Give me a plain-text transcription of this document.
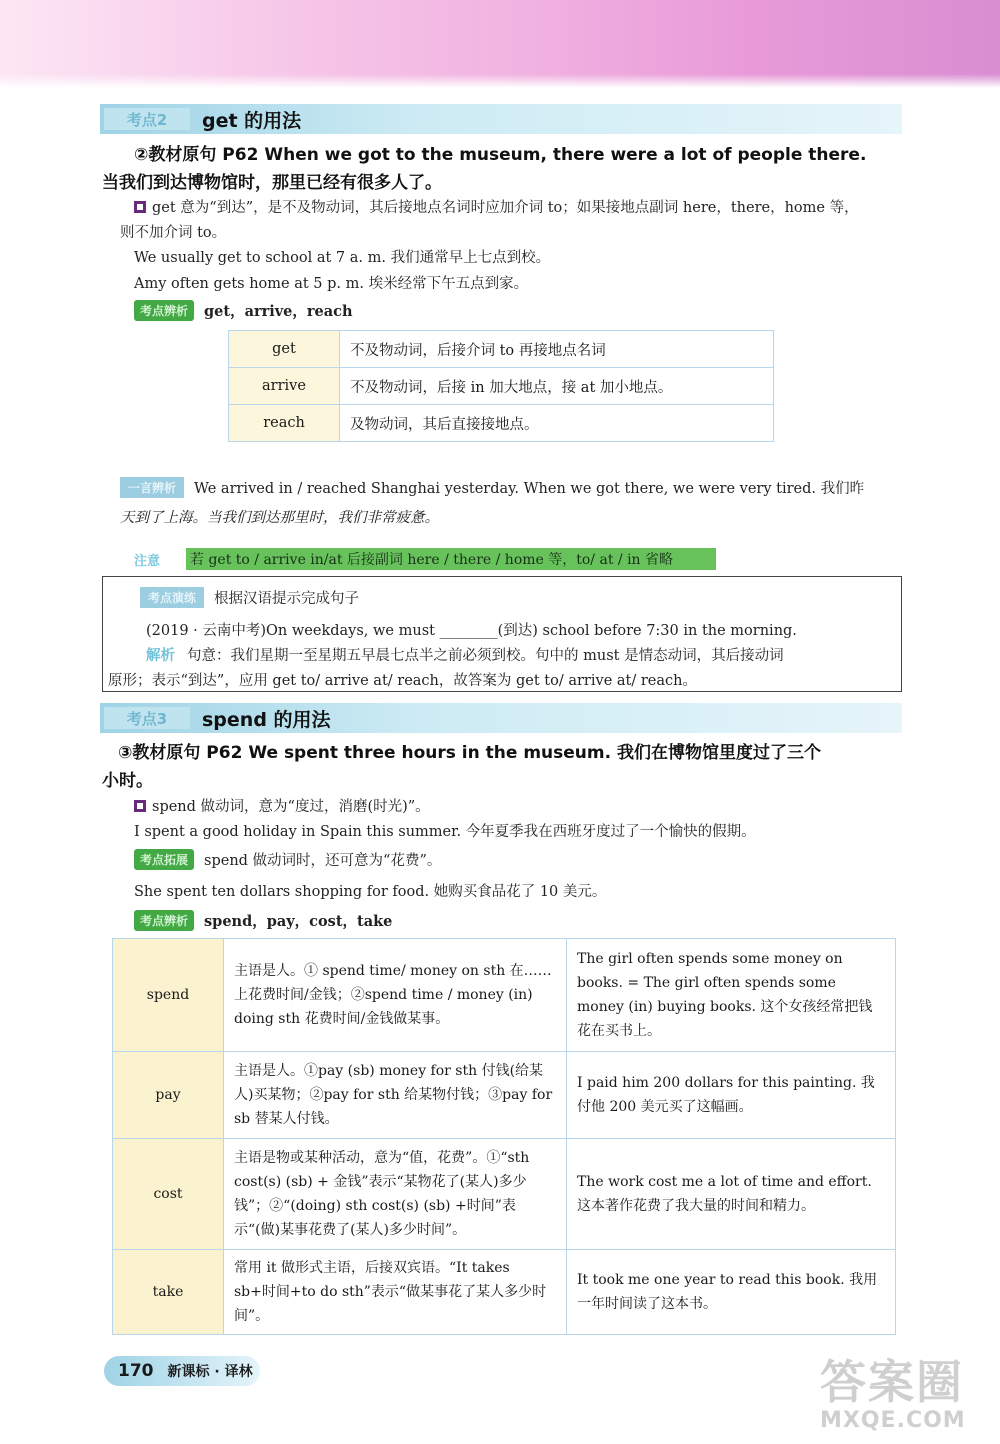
考点2	get 的用法
②教材原句 P62 When we got to the museum, there were a lot of people there.
当我们到达博物馆时，那里已经有很多人了。
get 意为“到达”，是不及物动词，其后接地点名词时应加介词 to；如果接地点副词 here，there，home 等，
则不加介词 to。
We usually get to school at 7 a. m. 我们通常早上七点到校。
Amy often gets home at 5 p. m. 埃米经常下午五点到家。
考点辨析 get，arrive，reach
get	不及物动词，后接介词 to 再接地点名词
arrive	不及物动词，后接 in 加大地点，接 at 加小地点。
reach	及物动词，其后直接接地点。
一言辨析 We arrived in / reached Shanghai yesterday. When we got there, we were very tired. 我们昨
天到了上海。当我们到达那里时，我们非常疲惫。
注意 若 get to / arrive in/at 后接副词 here / there / home 等，to/ at / in 省略
考点演练 根据汉语提示完成句子
(2019 · 云南中考)On weekdays, we must ________(到达) school before 7:30 in the morning.
解析 句意：我们星期一至星期五早晨七点半之前必须到校。句中的 must 是情态动词，其后接动词
原形；表示“到达”，应用 get to/ arrive at/ reach，故答案为 get to/ arrive at/ reach。
考点3	spend 的用法
③教材原句 P62 We spent three hours in the museum. 我们在博物馆里度过了三个
小时。
spend 做动词，意为“度过，消磨(时光)”。
I spent a good holiday in Spain this summer. 今年夏季我在西班牙度过了一个愉快的假期。
考点拓展 spend 做动词时，还可意为“花费”。
She spent ten dollars shopping for food. 她购买食品花了 10 美元。
考点辨析 spend，pay，cost，take
spend	主语是人。① spend time/ money on sth 在……上花费时间/金钱；②spend time / money (in) doing sth 花费时间/金钱做某事。	The girl often spends some money on books. = The girl often spends some money (in) buying books. 这个女孩经常把钱花在买书上。
pay	主语是人。①pay (sb) money for sth 付钱(给某人)买某物；②pay for sth 给某物付钱；③pay for sb 替某人付钱。	I paid him 200 dollars for this painting. 我付他 200 美元买了这幅画。
cost	主语是物或某种活动，意为“值，花费”。①“sth cost(s) (sb) + 金钱”表示“某物花了(某人)多少钱”；②“(doing) sth cost(s) (sb) +时间”表示“(做)某事花费了(某人)多少时间”。	The work cost me a lot of time and effort. 这本著作花费了我大量的时间和精力。
take	常用 it 做形式主语，后接双宾语。“It takes sb+时间+to do sth”表示“做某事花了某人多少时间”。	It took me one year to read this book. 我用一年时间读了这本书。
170 新课标 · 译林	答案圈
MXQE.COM
